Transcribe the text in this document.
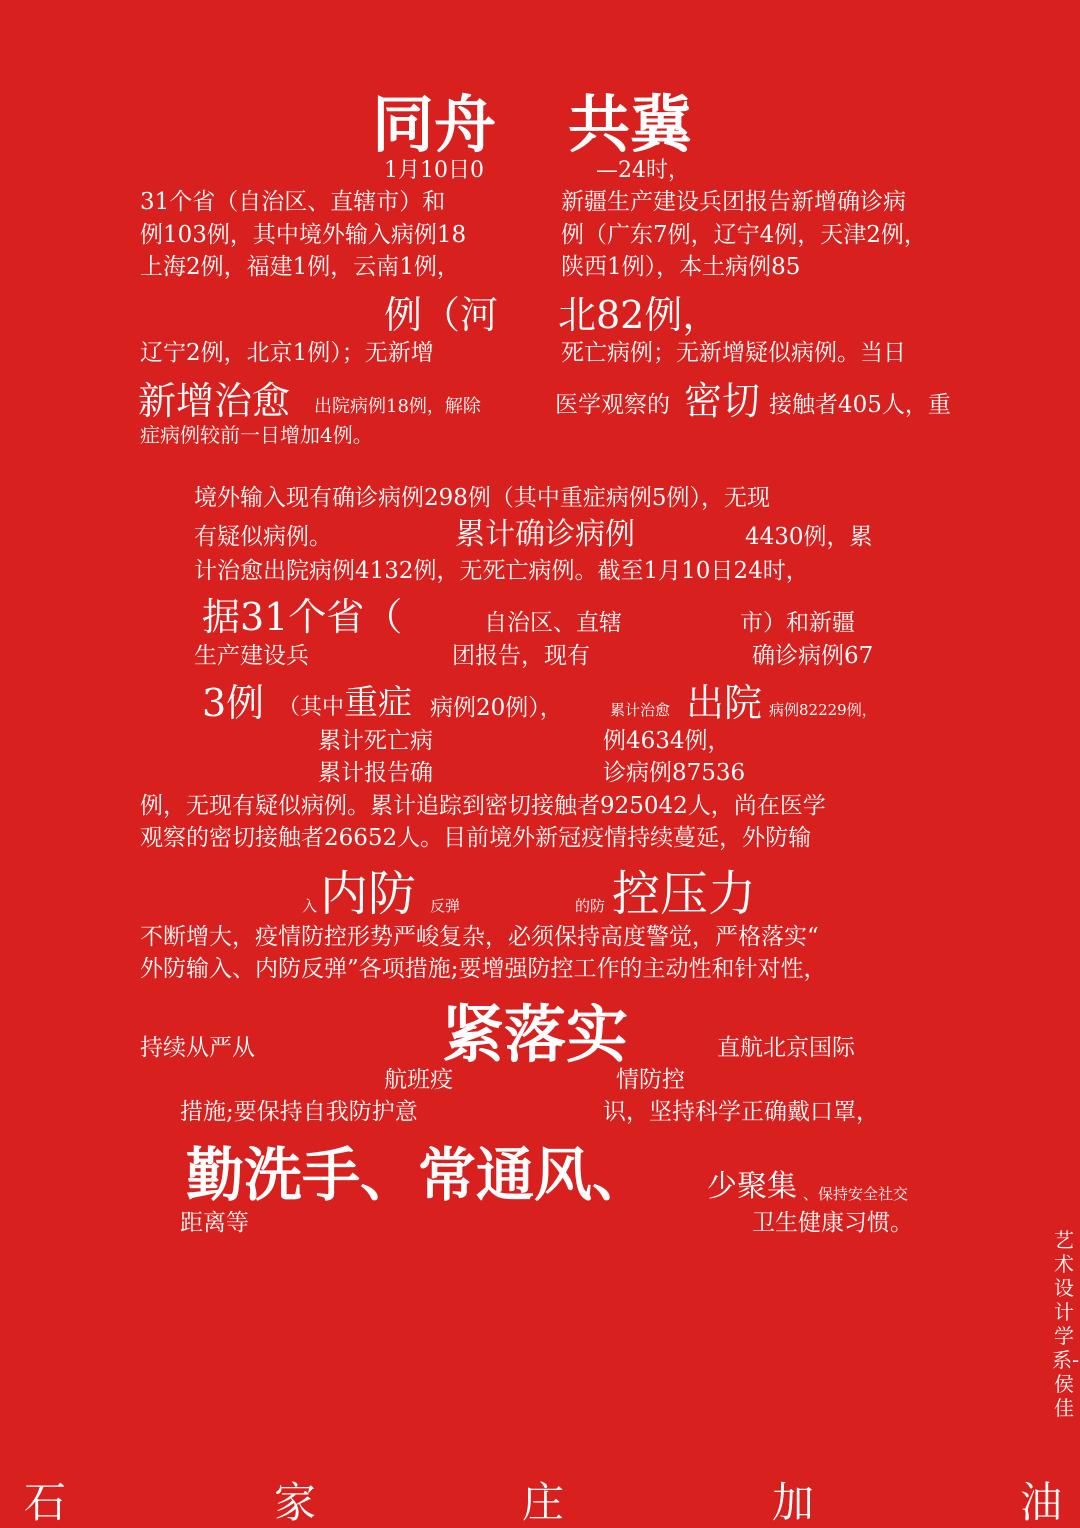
同舟 共冀
1月10日0	—24时，
31个省（自治区、直辖市）和	新疆生产建设兵团报告新增确诊病
例103例，其中境外输入病例18	例（广东7例，辽宁4例，天津2例，
上海2例，福建1例，云南1例，	陕西1例），本土病例85
例（河 北82例，
辽宁2例，北京1例）；无新增	死亡病例；无新增疑似病例。当日
新增治愈 出院病例18例，解除	医学观察的 密切 接触者405人，重
症病例较前一日增加4例。
境外输入现有确诊病例298例（其中重症病例5例），无现
有疑似病例。	累计确诊病例	4430例，累
计治愈出院病例4132例，无死亡病例。截至1月10日24时，
据31个省（	自治区、直辖	市）和新疆
生产建设兵	团报告，现有	确诊病例67
3例 （其中 重症 病例20例），	累计治愈 出院 病例82229例，
累计死亡病	例4634例，
累计报告确	诊病例87536
例，无现有疑似病例。累计追踪到密切接触者925042人，尚在医学
观察的密切接触者26652人。目前境外新冠疫情持续蔓延，外防输
入 内防 反弹	的防 控压力
不断增大，疫情防控形势严峻复杂，必须保持高度警觉，严格落实“
外防输入、内防反弹”各项措施;要增强防控工作的主动性和针对性，
持续从严从	紧落实	直航北京国际
航班疫	情防控
措施;要保持自我防护意	识，坚持科学正确戴口罩，
勤洗手、常通风、 少聚集 、保持安全社交
距离等	卫生健康习惯。
艺术设计学系-侯佳
石	家	庄	加	油
